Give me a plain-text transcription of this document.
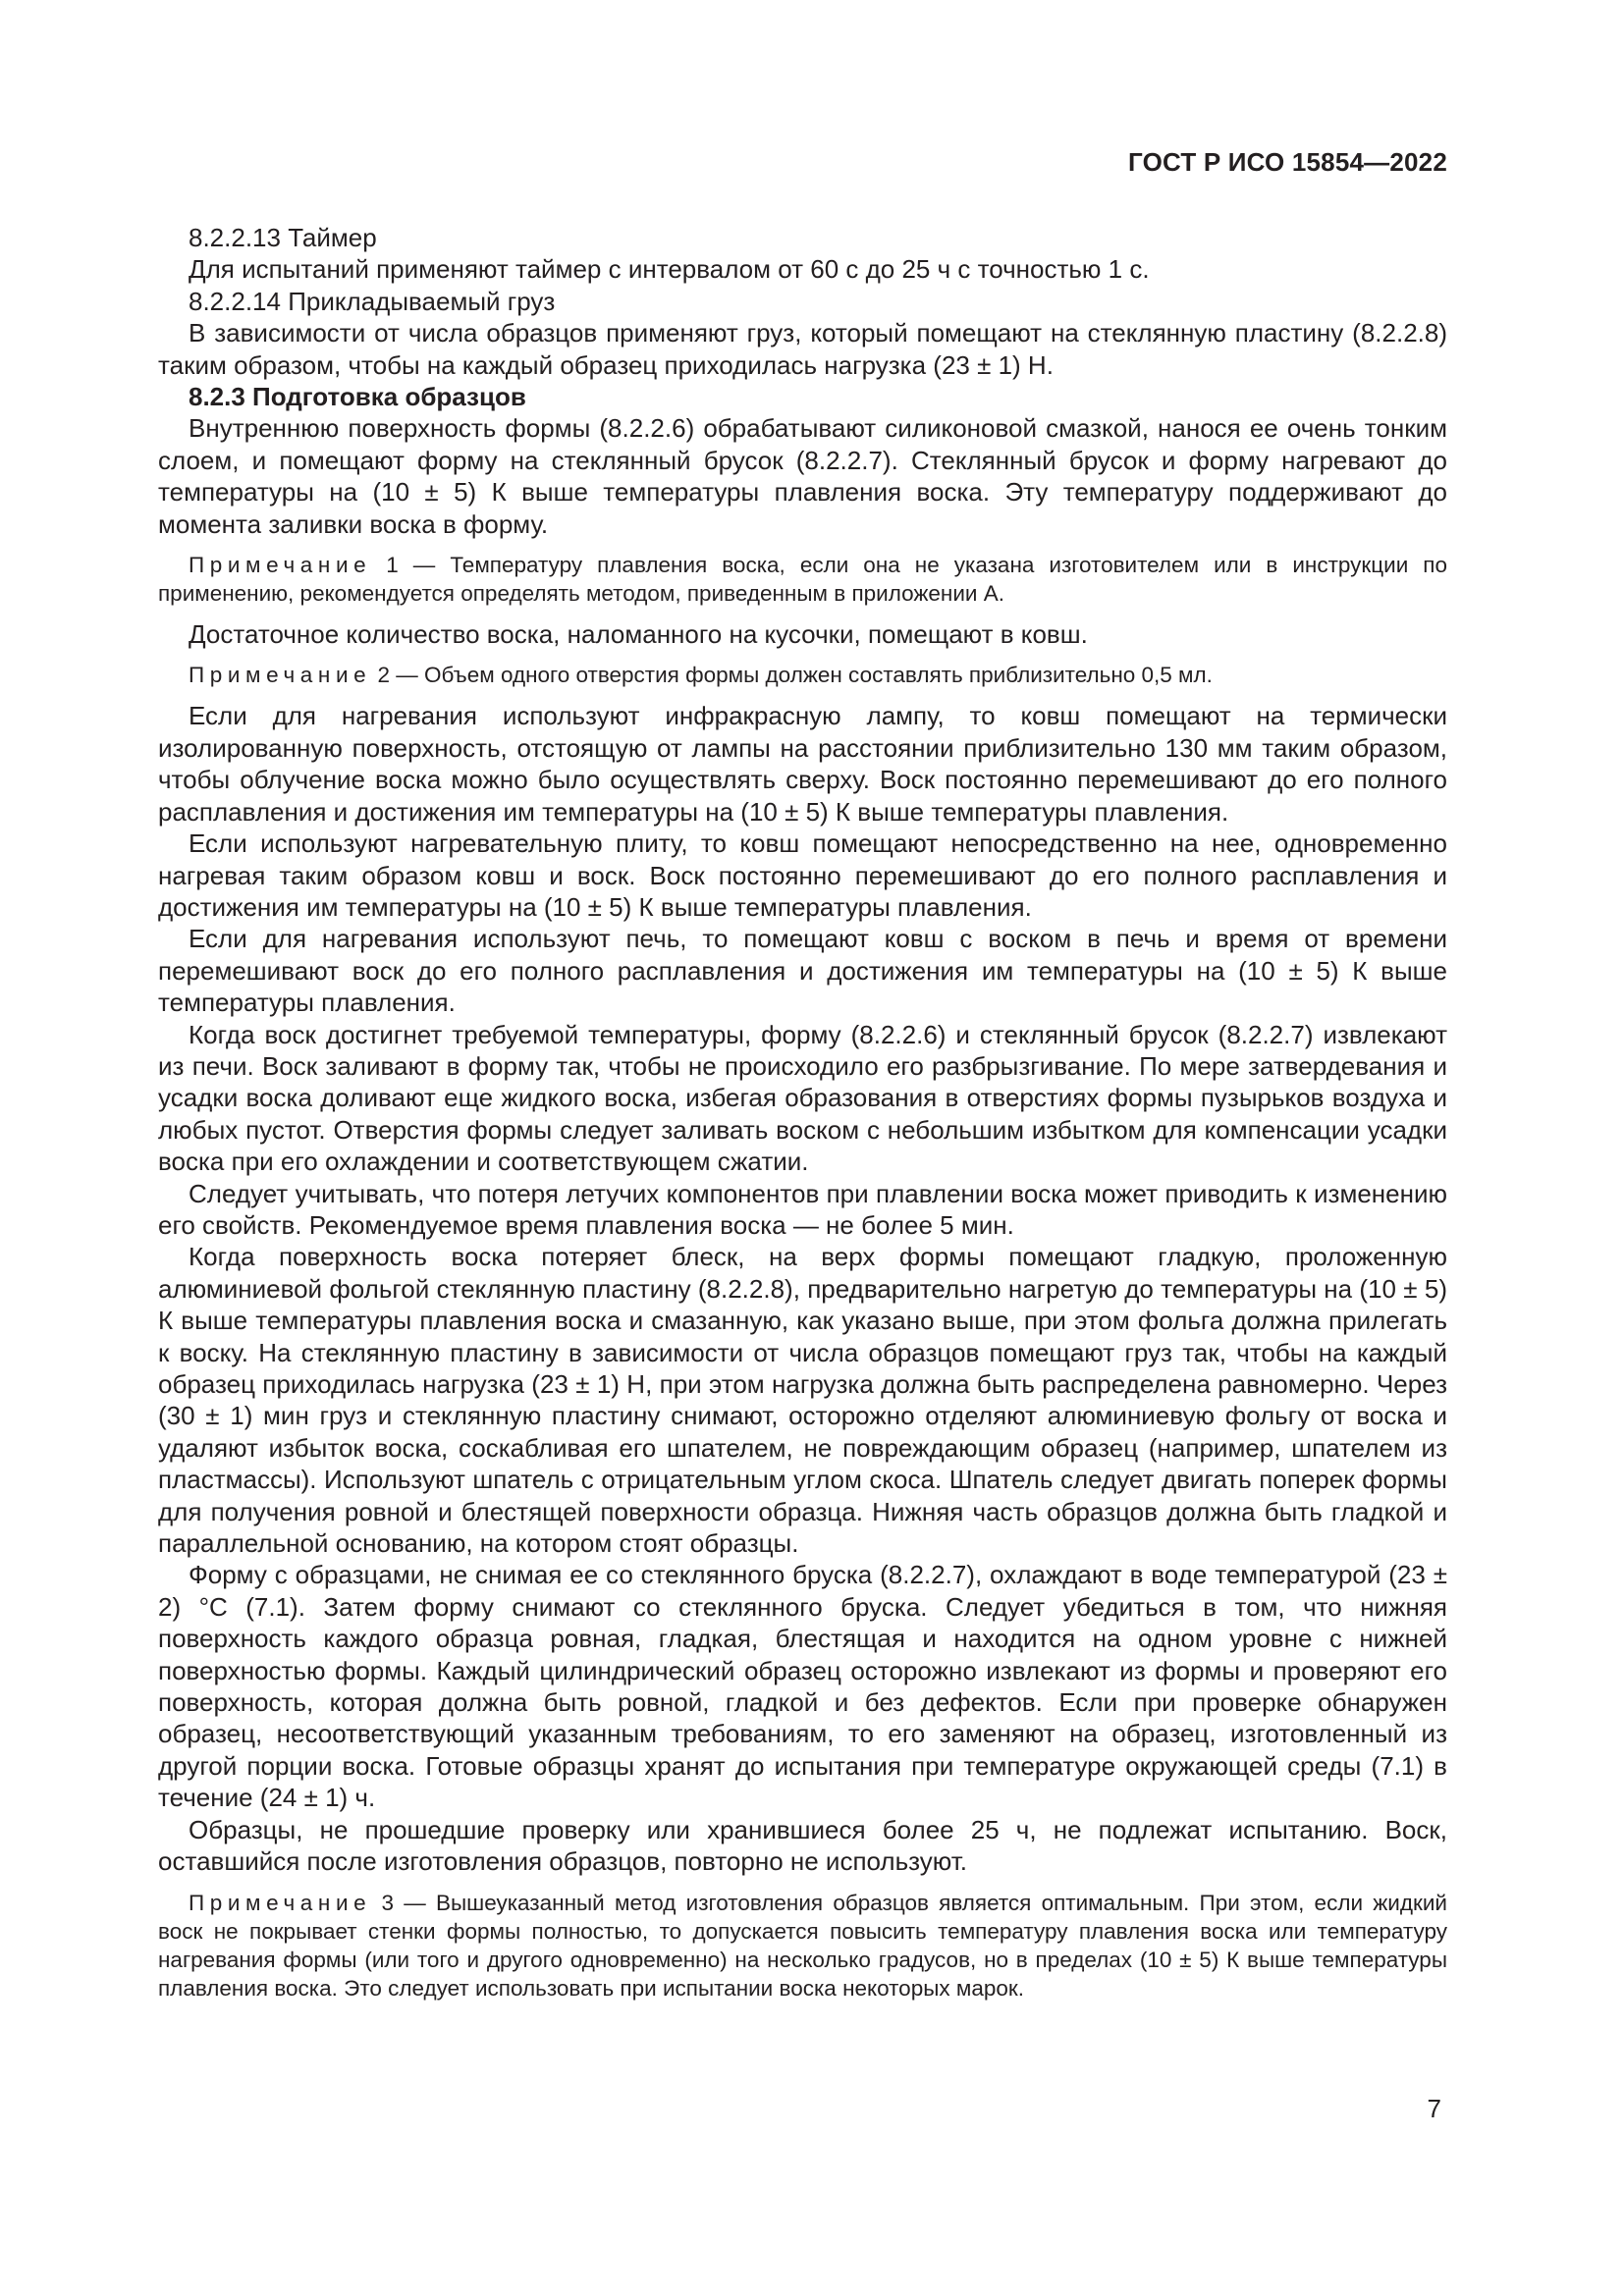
ГОСТ Р ИСО 15854—2022

8.2.2.13 Таймер

Для испытаний применяют таймер с интервалом от 60 с до 25 ч с точностью 1 с.

8.2.2.14 Прикладываемый груз

В зависимости от числа образцов применяют груз, который помещают на стеклянную пластину (8.2.2.8) таким образом, чтобы на каждый образец приходилась нагрузка (23 ± 1) Н.

8.2.3 Подготовка образцов

Внутреннюю поверхность формы (8.2.2.6) обрабатывают силиконовой смазкой, нанося ее очень тонким слоем, и помещают форму на стеклянный брусок (8.2.2.7). Стеклянный брусок и форму нагревают до температуры на (10 ± 5) К выше температуры плавления воска. Эту температуру поддерживают до момента заливки воска в форму.

Примечание 1 — Температуру плавления воска, если она не указана изготовителем или в инструкции по применению, рекомендуется определять методом, приведенным в приложении А.

Достаточное количество воска, наломанного на кусочки, помещают в ковш.

Примечание 2 — Объем одного отверстия формы должен составлять приблизительно 0,5 мл.

Если для нагревания используют инфракрасную лампу, то ковш помещают на термически изолированную поверхность, отстоящую от лампы на расстоянии приблизительно 130 мм таким образом, чтобы облучение воска можно было осуществлять сверху. Воск постоянно перемешивают до его полного расплавления и достижения им температуры на (10 ± 5) К выше температуры плавления.

Если используют нагревательную плиту, то ковш помещают непосредственно на нее, одновременно нагревая таким образом ковш и воск. Воск постоянно перемешивают до его полного расплавления и достижения им температуры на (10 ± 5) К выше температуры плавления.

Если для нагревания используют печь, то помещают ковш с воском в печь и время от времени перемешивают воск до его полного расплавления и достижения им температуры на (10 ± 5) К выше температуры плавления.

Когда воск достигнет требуемой температуры, форму (8.2.2.6) и стеклянный брусок (8.2.2.7) извлекают из печи. Воск заливают в форму так, чтобы не происходило его разбрызгивание. По мере затвердевания и усадки воска доливают еще жидкого воска, избегая образования в отверстиях формы пузырьков воздуха и любых пустот. Отверстия формы следует заливать воском с небольшим избытком для компенсации усадки воска при его охлаждении и соответствующем сжатии.

Следует учитывать, что потеря летучих компонентов при плавлении воска может приводить к изменению его свойств. Рекомендуемое время плавления воска — не более 5 мин.

Когда поверхность воска потеряет блеск, на верх формы помещают гладкую, проложенную алюминиевой фольгой стеклянную пластину (8.2.2.8), предварительно нагретую до температуры на (10 ± 5) К выше температуры плавления воска и смазанную, как указано выше, при этом фольга должна прилегать к воску. На стеклянную пластину в зависимости от числа образцов помещают груз так, чтобы на каждый образец приходилась нагрузка (23 ± 1) Н, при этом нагрузка должна быть распределена равномерно. Через (30 ± 1) мин груз и стеклянную пластину снимают, осторожно отделяют алюминиевую фольгу от воска и удаляют избыток воска, соскабливая его шпателем, не повреждающим образец (например, шпателем из пластмассы). Используют шпатель с отрицательным углом скоса. Шпатель следует двигать поперек формы для получения ровной и блестящей поверхности образца. Нижняя часть образцов должна быть гладкой и параллельной основанию, на котором стоят образцы.

Форму с образцами, не снимая ее со стеклянного бруска (8.2.2.7), охлаждают в воде температурой (23 ± 2) °С (7.1). Затем форму снимают со стеклянного бруска. Следует убедиться в том, что нижняя поверхность каждого образца ровная, гладкая, блестящая и находится на одном уровне с нижней поверхностью формы. Каждый цилиндрический образец осторожно извлекают из формы и проверяют его поверхность, которая должна быть ровной, гладкой и без дефектов. Если при проверке обнаружен образец, несоответствующий указанным требованиям, то его заменяют на образец, изготовленный из другой порции воска. Готовые образцы хранят до испытания при температуре окружающей среды (7.1) в течение (24 ± 1) ч.

Образцы, не прошедшие проверку или хранившиеся более 25 ч, не подлежат испытанию. Воск, оставшийся после изготовления образцов, повторно не используют.

Примечание 3 — Вышеуказанный метод изготовления образцов является оптимальным. При этом, если жидкий воск не покрывает стенки формы полностью, то допускается повысить температуру плавления воска или температуру нагревания формы (или того и другого одновременно) на несколько градусов, но в пределах (10 ± 5) К выше температуры плавления воска. Это следует использовать при испытании воска некоторых марок.

7
